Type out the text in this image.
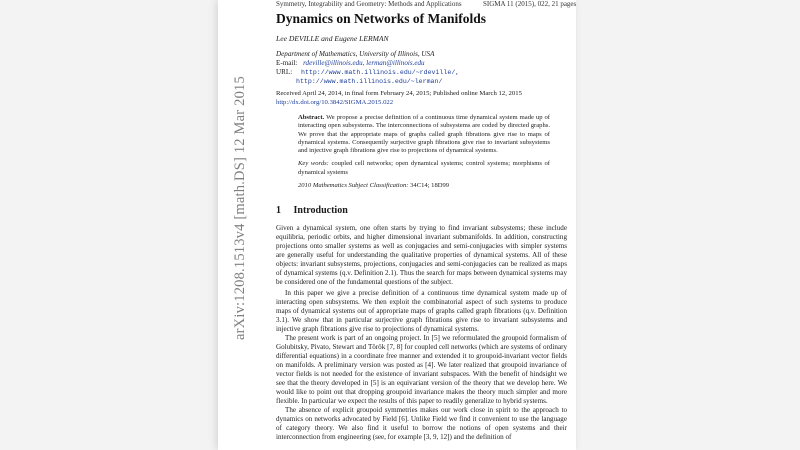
arXiv:1208.1513v4 [math.DS] 12 Mar 2015
Symmetry, Integrability and Geometry: Methods and Applications	SIGMA 11 (2015), 022, 21 pages
Dynamics on Networks of Manifolds
Lee DEVILLE and Eugene LERMAN
Department of Mathematics, University of Illinois, USA
E-mail: rdeville@illinois.edu, lerman@illinois.edu
URL: http://www.math.illinois.edu/~rdeville/,
http://www.math.illinois.edu/~lerman/
Received April 24, 2014, in final form February 24, 2015; Published online March 12, 2015
http://dx.doi.org/10.3842/SIGMA.2015.022
Abstract. We propose a precise definition of a continuous time dynamical system made up of interacting open subsystems. The interconnections of subsystems are coded by directed graphs. We prove that the appropriate maps of graphs called graph fibrations give rise to maps of dynamical systems. Consequently surjective graph fibrations give rise to invariant subsystems and injective graph fibrations give rise to projections of dynamical systems.
Key words: coupled cell networks; open dynamical systems; control systems; morphisms of dynamical systems
2010 Mathematics Subject Classification: 34C14; 18D99
1 Introduction

Given a dynamical system, one often starts by trying to find invariant subsystems; these include equilibria, periodic orbits, and higher dimensional invariant submanifolds. In addition, constructing projections onto smaller systems as well as conjugacies and semi-conjugacies with simpler systems are generally useful for understanding the qualitative properties of dynamical systems. All of these objects: invariant subsystems, projections, conjugacies and semi-conjugacies can be realized as maps of dynamical systems (q.v. Definition 2.1). Thus the search for maps between dynamical systems may be considered one of the fundamental questions of the subject.

In this paper we give a precise definition of a continuous time dynamical system made up of interacting open subsystems. We then exploit the combinatorial aspect of such systems to produce maps of dynamical systems out of appropriate maps of graphs called graph fibrations (q.v. Definition 3.1). We show that in particular surjective graph fibrations give rise to invariant subsystems and injective graph fibrations give rise to projections of dynamical systems.

The present work is part of an ongoing project. In [5] we reformulated the groupoid formalism of Golubitsky, Pivato, Stewart and Török [7, 8] for coupled cell networks (which are systems of ordinary differential equations) in a coordinate free manner and extended it to groupoid-invariant vector fields on manifolds. A preliminary version was posted as [4]. We later realized that groupoid invariance of vector fields is not needed for the existence of invariant subspaces. With the benefit of hindsight we see that the theory developed in [5] is an equivariant version of the theory that we develop here. We would like to point out that dropping groupoid invariance makes the theory much simpler and more flexible. In particular we expect the results of this paper to readily generalize to hybrid systems.

The absence of explicit groupoid symmetries makes our work close in spirit to the approach to dynamics on networks advocated by Field [6]. Unlike Field we find it convenient to use the language of category theory. We also find it useful to borrow the notions of open systems and their interconnection from engineering (see, for example [3, 9, 12]) and the definition of
